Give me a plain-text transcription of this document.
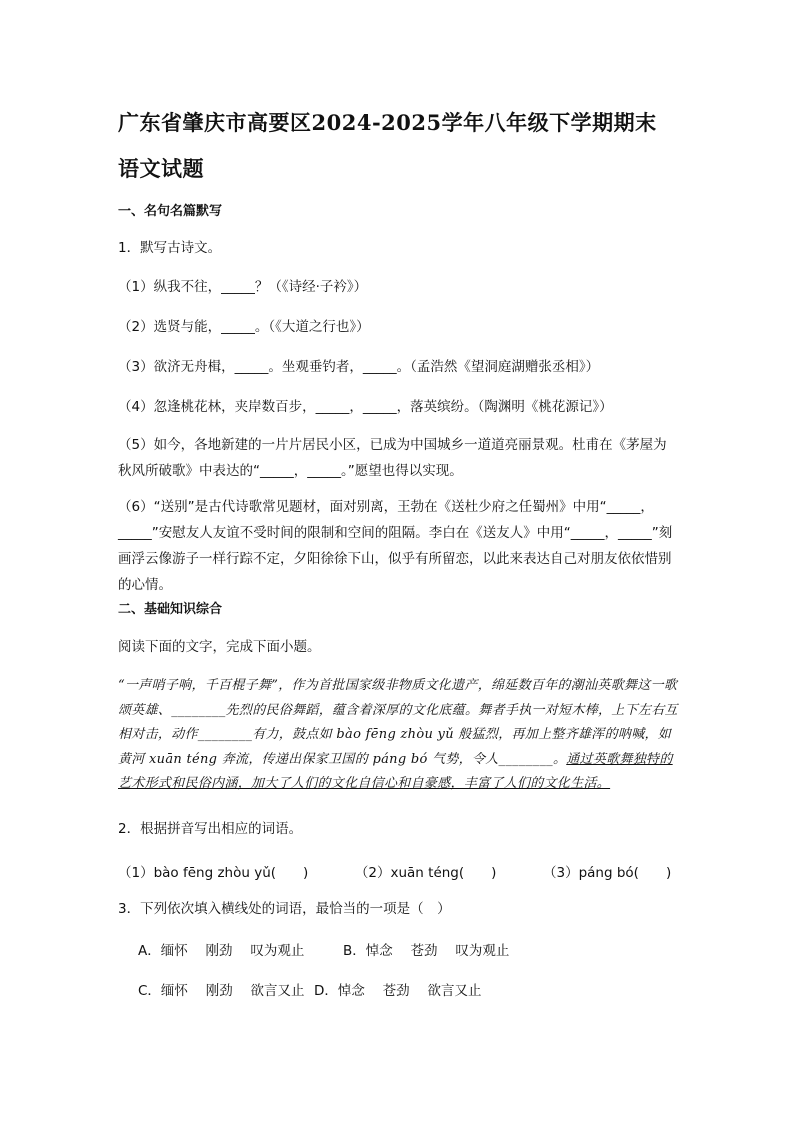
广东省肇庆市高要区2024-2025学年八年级下学期期末语文试题
一、名句名篇默写
1．默写古诗文。
（1）纵我不往，_____？（《诗经·子衿》）
（2）选贤与能，_____。（《大道之行也》）
（3）欲济无舟楫，_____。坐观垂钓者，_____。（孟浩然《望洞庭湖赠张丞相》）
（4）忽逢桃花林，夹岸数百步，_____，_____，落英缤纷。（陶渊明《桃花源记》）
（5）如今，各地新建的一片片居民小区，已成为中国城乡一道道亮丽景观。杜甫在《茅屋为秋风所破歌》中表达的“_____，_____。”愿望也得以实现。
（6）“送别”是古代诗歌常见题材，面对别离，王勃在《送杜少府之任蜀州》中用“_____，_____”安慰友人友谊不受时间的限制和空间的阻隔。李白在《送友人》中用“_____，_____”刻画浮云像游子一样行踪不定，夕阳徐徐下山，似乎有所留恋，以此来表达自己对朋友依依惜别的心情。
二、基础知识综合
阅读下面的文字，完成下面小题。
“一声哨子响，千百棍子舞”，作为首批国家级非物质文化遗产，绵延数百年的潮汕英歌舞这一歌颂英雄、________先烈的民俗舞蹈，蕴含着深厚的文化底蕴。舞者手执一对短木棒，上下左右互相对击，动作________有力，鼓点如 bào fēng zhòu yǔ 般猛烈，再加上整齐雄浑的呐喊，如黄河 xuān téng 奔流，传递出保家卫国的 páng bó 气势，令人________。通过英歌舞独特的艺术形式和民俗内涵，加大了人们的文化自信心和自豪感，丰富了人们的文化生活。
2．根据拼音写出相应的词语。
（1）bào fēng zhòu yǔ(　　)	（2）xuān téng(　　)	（3）páng bó(　　)
3．下列依次填入横线处的词语，最恰当的一项是（　）
A．缅怀　 刚劲　 叹为观止	B．悼念　 苍劲　 叹为观止
C．缅怀　 刚劲　 欲言又止 D．悼念　 苍劲　 欲言又止
